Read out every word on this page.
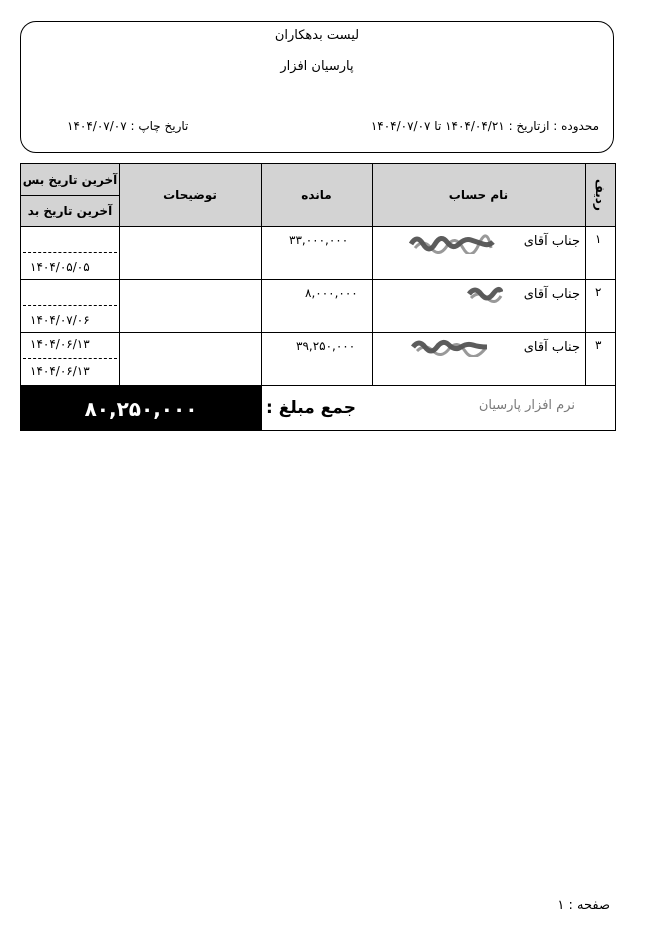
لیست بدهکاران
پارسیان افزار
محدوده : ازتاریخ : ۱۴۰۴/۰۴/۲۱ تا ۱۴۰۴/۰۷/۰۷
تاریخ چاپ : ۱۴۰۴/۰۷/۰۷
ردیف
نام حساب
مانده
توضیحات
آخرین تاریخ بس
آخرین تاریخ بد
۱
جناب آقای
۳۳,۰۰۰,۰۰۰
۱۴۰۴/۰۵/۰۵
۲
جناب آقای
۸,۰۰۰,۰۰۰
۱۴۰۴/۰۷/۰۶
۳
جناب آقای
۳۹,۲۵۰,۰۰۰
۱۴۰۴/۰۶/۱۳
۱۴۰۴/۰۶/۱۳
۸۰,۲۵۰,۰۰۰	جمع مبلغ :	نرم افزار پارسیان
صفحه : ۱
